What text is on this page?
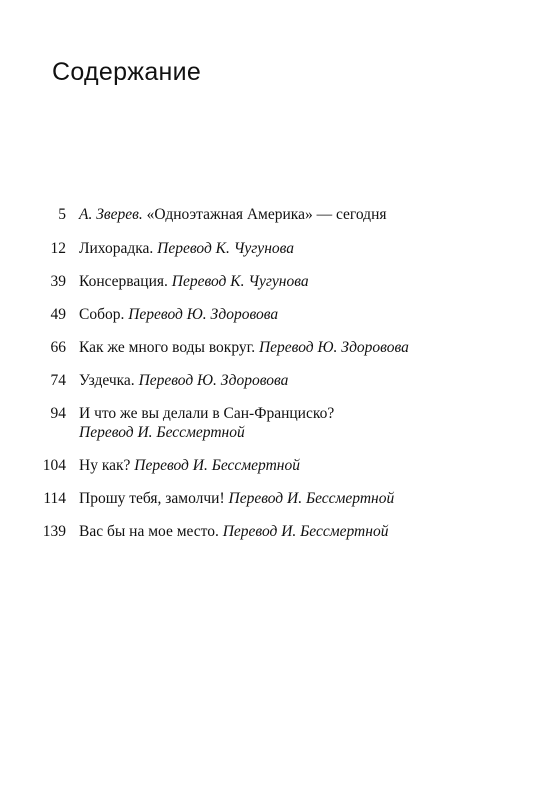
Содержание
5 А. Зверев. «Одноэтажная Америка» — сегодня
12 Лихорадка. Перевод К. Чугунова
39 Консервация. Перевод К. Чугунова
49 Собор. Перевод Ю. Здоровова
66 Как же много воды вокруг. Перевод Ю. Здоровова
74 Уздечка. Перевод Ю. Здоровова
94 И что же вы делали в Сан-Франциско?
Перевод И. Бессмертной
104 Ну как? Перевод И. Бессмертной
114 Прошу тебя, замолчи! Перевод И. Бессмертной
139 Вас бы на мое место. Перевод И. Бессмертной
